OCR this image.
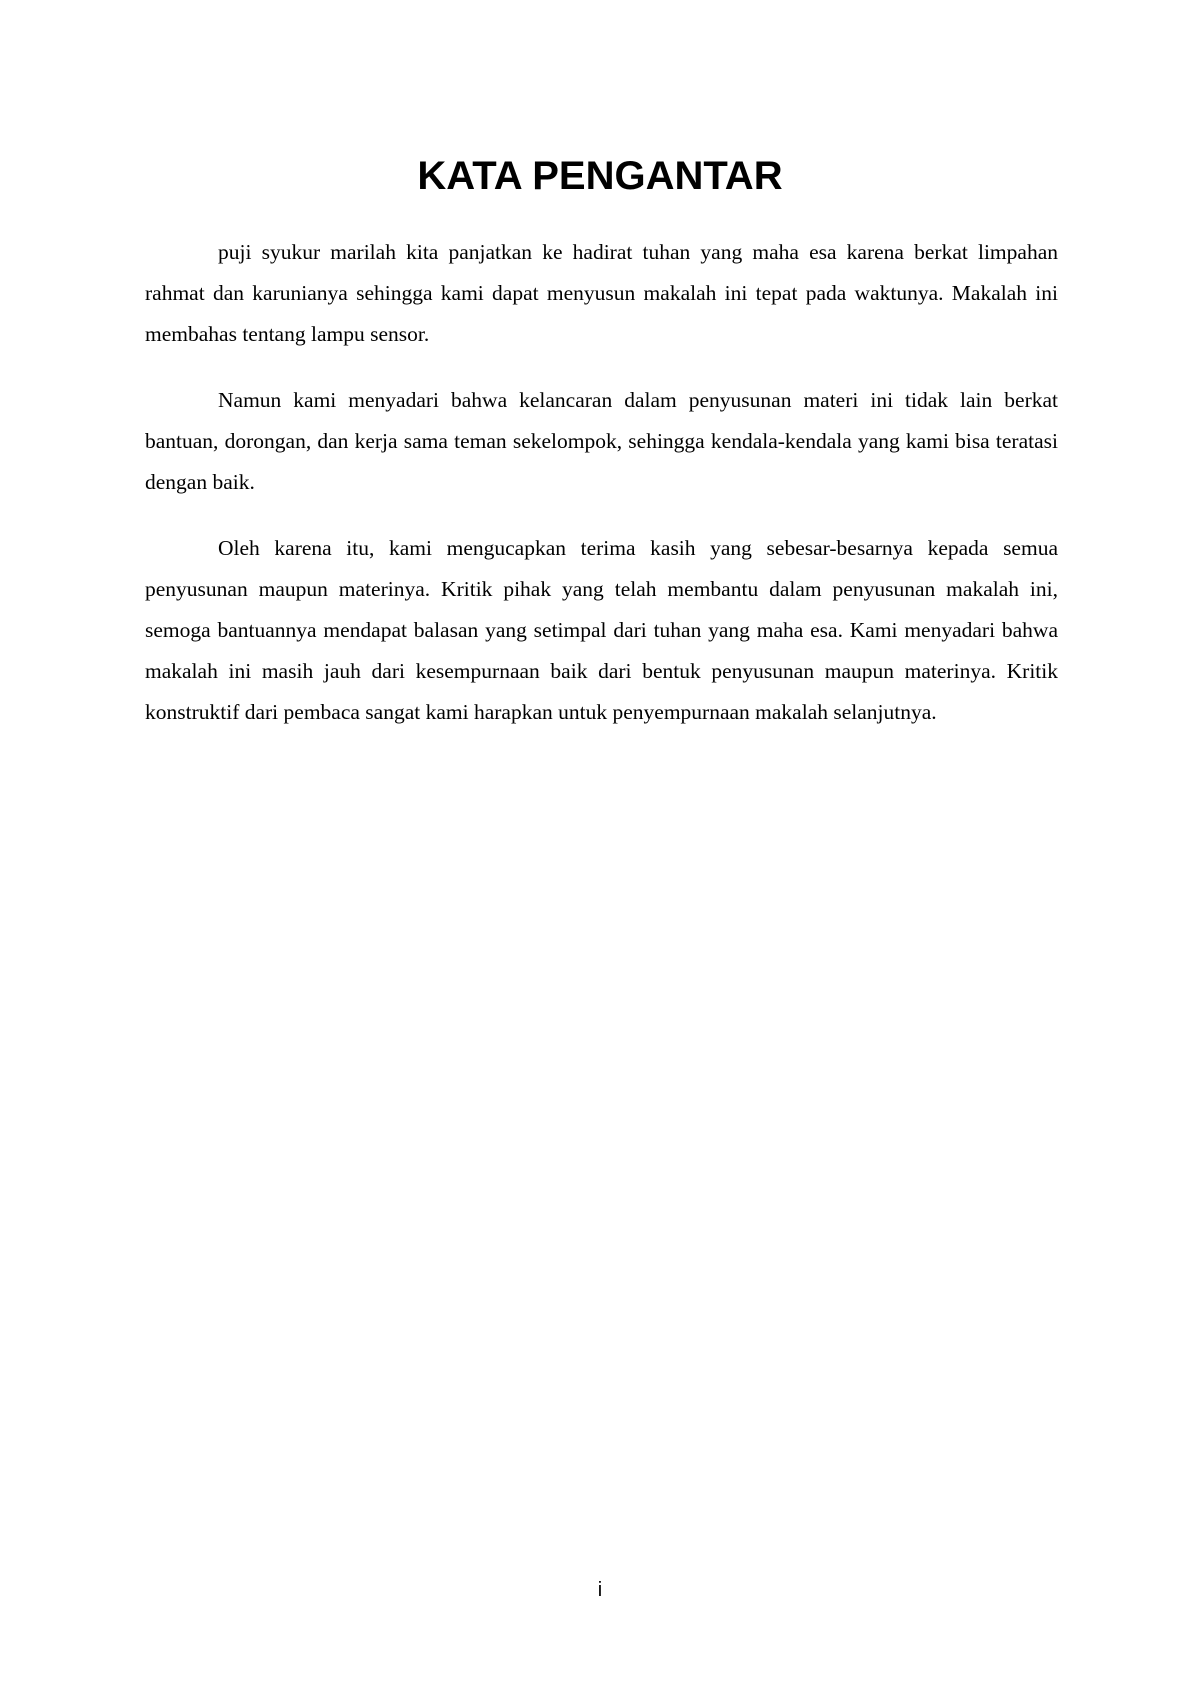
KATA PENGANTAR

puji syukur marilah kita panjatkan ke hadirat tuhan yang maha esa karena berkat limpahan rahmat dan karunianya sehingga kami dapat menyusun makalah ini tepat pada waktunya. Makalah ini membahas tentang lampu sensor.

Namun kami menyadari bahwa kelancaran dalam penyusunan materi ini tidak lain berkat bantuan, dorongan, dan kerja sama teman sekelompok, sehingga kendala-kendala yang kami bisa teratasi dengan baik.

Oleh karena itu, kami mengucapkan terima kasih yang sebesar-besarnya kepada semua penyusunan maupun materinya. Kritik pihak yang telah membantu dalam penyusunan makalah ini, semoga bantuannya mendapat balasan yang setimpal dari tuhan yang maha esa. Kami menyadari bahwa makalah ini masih jauh dari kesempurnaan baik dari bentuk penyusunan maupun materinya. Kritik konstruktif dari pembaca sangat kami harapkan untuk penyempurnaan makalah selanjutnya.

i
